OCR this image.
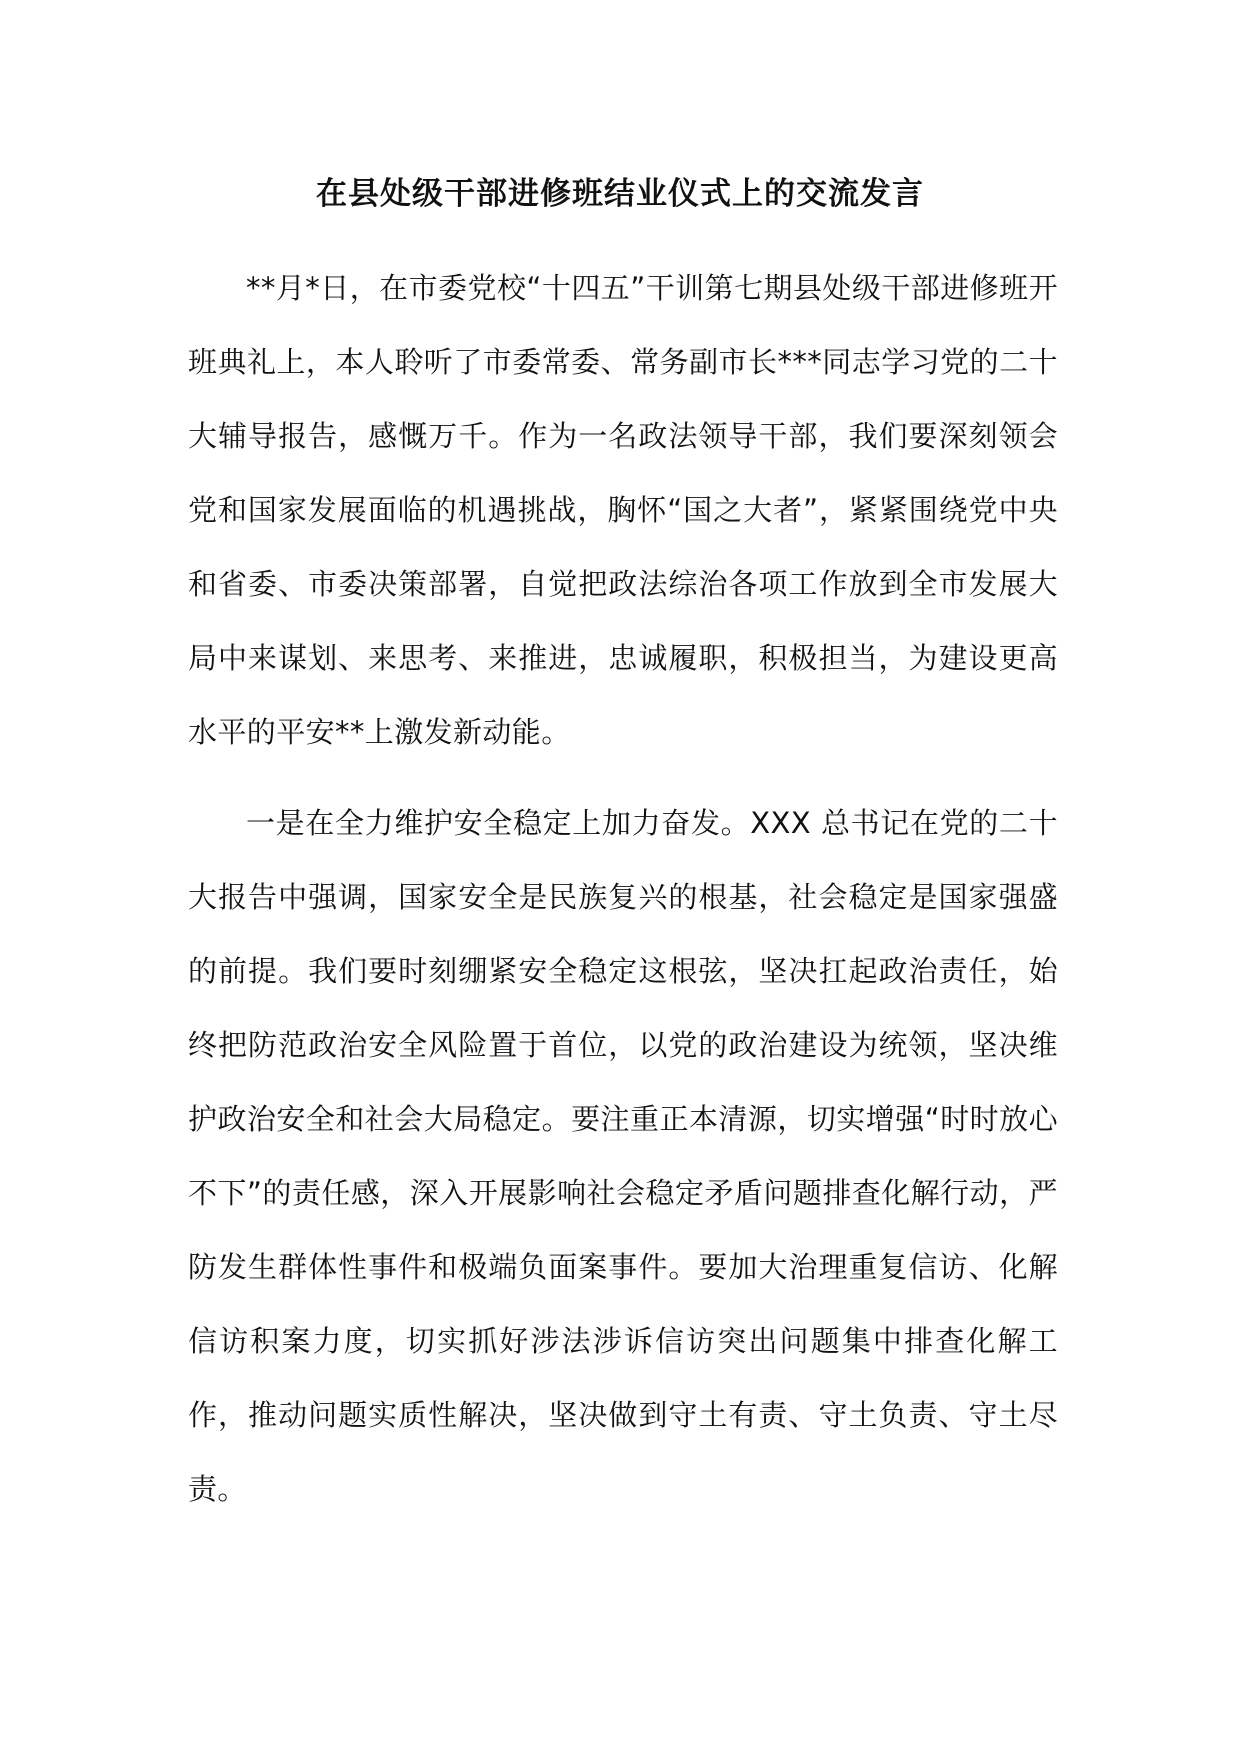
在县处级干部进修班结业仪式上的交流发言

**月*日，在市委党校“十四五”干训第七期县处级干部进修班开班典礼上，本人聆听了市委常委、常务副市长***同志学习党的二十大辅导报告，感慨万千。作为一名政法领导干部，我们要深刻领会党和国家发展面临的机遇挑战，胸怀“国之大者”，紧紧围绕党中央和省委、市委决策部署，自觉把政法综治各项工作放到全市发展大局中来谋划、来思考、来推进，忠诚履职，积极担当，为建设更高水平的平安**上激发新动能。

一是在全力维护安全稳定上加力奋发。XXX 总书记在党的二十大报告中强调，国家安全是民族复兴的根基，社会稳定是国家强盛的前提。我们要时刻绷紧安全稳定这根弦，坚决扛起政治责任，始终把防范政治安全风险置于首位，以党的政治建设为统领，坚决维护政治安全和社会大局稳定。要注重正本清源，切实增强“时时放心不下”的责任感，深入开展影响社会稳定矛盾问题排查化解行动，严防发生群体性事件和极端负面案事件。要加大治理重复信访、化解信访积案力度，切实抓好涉法涉诉信访突出问题集中排查化解工作，推动问题实质性解决，坚决做到守土有责、守土负责、守土尽责。
